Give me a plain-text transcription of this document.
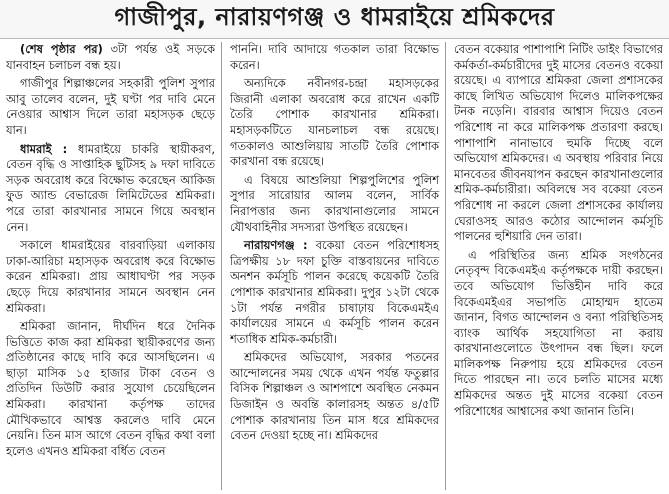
গাজীপুর, নারায়ণগঞ্জ ও ধামরাইয়ে শ্রমিকদের

(শেষ পৃষ্ঠার পর) ৩টা পর্যন্ত ওই সড়কে যানবাহন চলাচল বন্ধ হয়।

গাজীপুর শিল্পাঞ্চলের সহকারী পুলিশ সুপার আবু তালেব বলেন, দুই ঘণ্টা পর দাবি মেনে নেওয়ার আশ্বাস দিলে তারা মহাসড়ক ছেড়ে যান।

ধামরাই : ধামরাইয়ে চাকরি স্থায়ীকরণ, বেতন বৃদ্ধি ও সাপ্তাহিক ছুটিসহ ৯ দফা দাবিতে সড়ক অবরোধ করে বিক্ষোভ করেছেন আকিজ ফুড অ্যান্ড বেভারেজ লিমিটেডের শ্রমিকরা। পরে তারা কারখানার সামনে গিয়ে অবস্থান নেন।

সকালে ধামরাইয়ের বারবাড়িয়া এলাকায় ঢাকা-আরিচা মহাসড়ক অবরোধ করে বিক্ষোভ করেন শ্রমিকরা। প্রায় আধাঘণ্টা পর সড়ক ছেড়ে দিয়ে কারখানার সামনে অবস্থান নেন শ্রমিকরা।

শ্রমিকরা জানান, দীর্ঘদিন ধরে দৈনিক ভিত্তিতে কাজ করা শ্রমিকরা স্থায়ীকরণের জন্য প্রতিষ্ঠানের কাছে দাবি করে আসছিলেন। এ ছাড়া মাসিক ১৫ হাজার টাকা বেতন ও প্রতিদিন ডিউটি করার সুযোগ চেয়েছিলেন শ্রমিকরা। কারখানা কর্তৃপক্ষ তাদের মৌখিকভাবে আশ্বস্ত করলেও দাবি মেনে নেয়নি। তিন মাস আগে বেতন বৃদ্ধির কথা বলা হলেও এখনও শ্রমিকরা বর্ধিত বেতন

পাননি। দাবি আদায়ে গতকাল তারা বিক্ষোভ করেন।

অন্যদিকে নবীনগর-চন্দ্রা মহাসড়কের জিরানী এলাকা অবরোধ করে রাখেন একটি তৈরি পোশাক কারখানার শ্রমিকরা। মহাসড়কটিতে যানচলাচল বন্ধ রয়েছে। গতকালও আশুলিয়ায় সাতটি তৈরি পোশাক কারখানা বন্ধ রয়েছে।

এ বিষয়ে আশুলিয়া শিল্পপুলিশের পুলিশ সুপার সারোয়ার আলম বলেন, সার্বিক নিরাপত্তার জন্য কারখানাগুলোর সামনে যৌথবাহিনীর সদস্যরা উপস্থিত রয়েছেন।

নারায়ণগঞ্জ : বকেয়া বেতন পরিশোধসহ ত্রিপক্ষীয় ১৮ দফা চুক্তি বাস্তবায়নের দাবিতে অনশন কর্মসূচি পালন করেছে কয়েকটি তৈরি পোশাক কারখানার শ্রমিকরা। দুপুর ১২টা থেকে ১টা পর্যন্ত নগরীর চাষাঢ়ায় বিকেএমইএ কার্যালয়ের সামনে এ কর্মসূচি পালন করেন শতাধিক শ্রমিক-কর্মচারী।

শ্রমিকদের অভিযোগ, সরকার পতনের আন্দোলনের সময় থেকে এখন পর্যন্ত ফতুল্লার বিসিক শিল্পাঞ্চল ও আশপাশে অবস্থিত নেকমন ডিজাইন ও অবন্তি কালারসহ অন্তত ৪/৫টি পোশাক কারখানায় তিন মাস ধরে শ্রমিকদের বেতন দেওয়া হচ্ছে না। শ্রমিকদের

বেতন বকেয়ার পাশাপাশি নিটিং ডাইং বিভাগের কর্মকর্তা-কর্মচারীদের দুই মাসের বেতনও বকেয়া রয়েছে। এ ব্যাপারে শ্রমিকরা জেলা প্রশাসকের কাছে লিখিত অভিযোগ দিলেও মালিকপক্ষের টনক নড়েনি। বারবার আশ্বাস দিয়েও বেতন পরিশোধ না করে মালিকপক্ষ প্রতারণা করছে। পাশাপাশি নানাভাবে হুমকি দিচ্ছে বলে অভিযোগ শ্রমিকদের। এ অবস্থায় পরিবার নিয়ে মানবেতর জীবনযাপন করছেন কারখানাগুলোর শ্রমিক-কর্মচারীরা। অবিলম্বে সব বকেয়া বেতন পরিশোধ না করলে জেলা প্রশাসকের কার্যালয় ঘেরাওসহ আরও কঠোর আন্দোলন কর্মসূচি পালনের হুশিয়ারি দেন তারা।

এ পরিস্থিতির জন্য শ্রমিক সংগঠনের নেতৃবৃন্দ বিকেএমইএ কর্তৃপক্ষকে দায়ী করছেন। তবে অভিযোগ ভিত্তিহীন দাবি করে বিকেএমইএর সভাপতি মোহাম্মদ হাতেম জানান, বিগত আন্দোলন ও বন্যা পরিস্থিতিসহ ব্যাংক আর্থিক সহযোগিতা না করায় কারখানাগুলোতে উৎপাদন বন্ধ ছিল। ফলে মালিকপক্ষ নিরুপায় হয়ে শ্রমিকদের বেতন দিতে পারছেন না। তবে চলতি মাসের মধ্যে শ্রমিকদের অন্তত দুই মাসের বকেয়া বেতন পরিশোধের আশ্বাসের কথা জানান তিনি।
